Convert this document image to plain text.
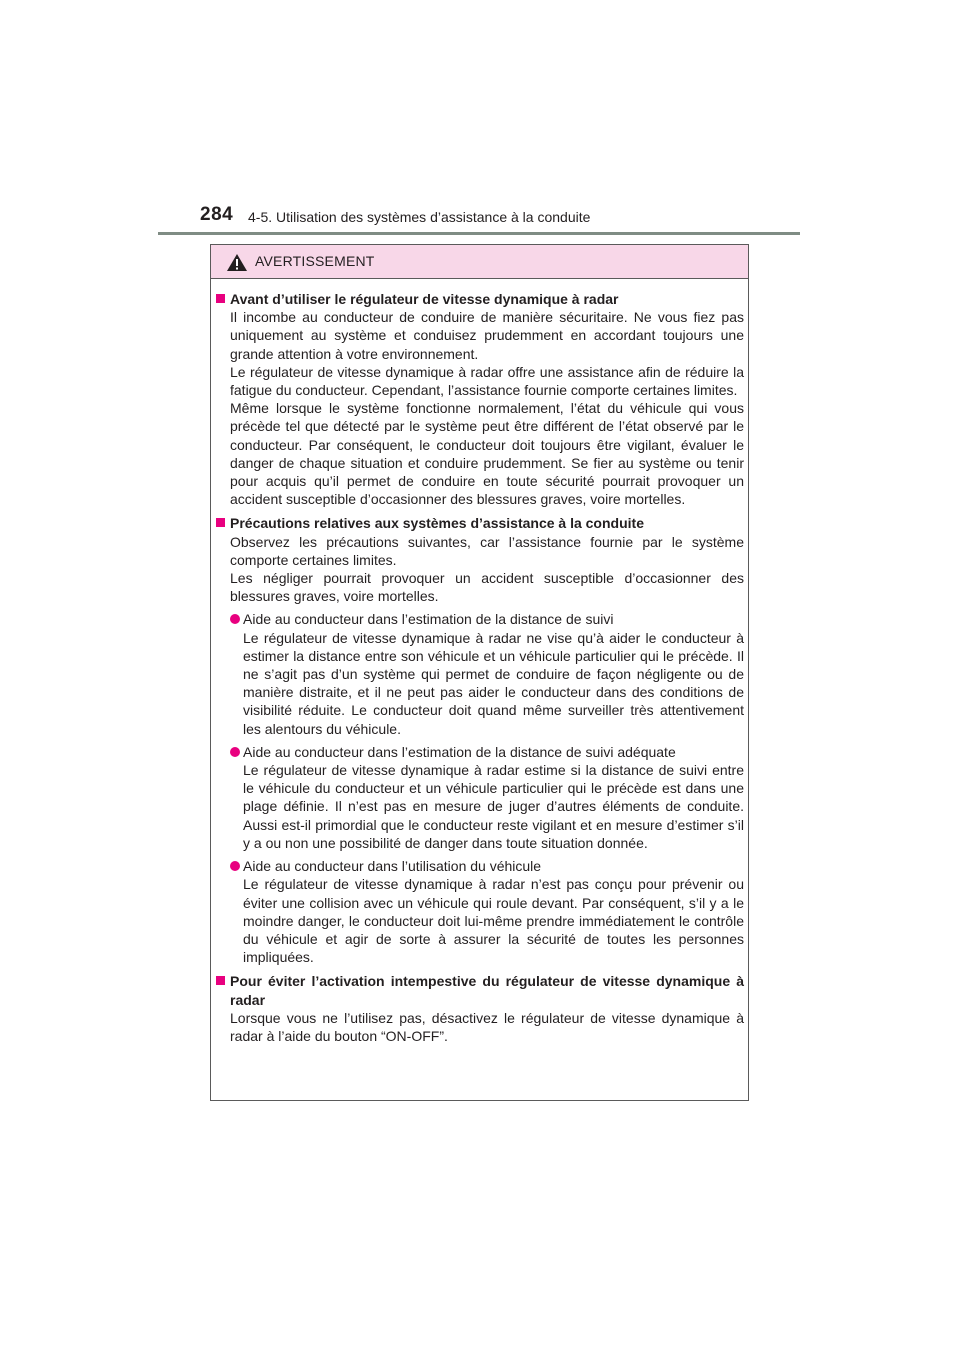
284 4-5. Utilisation des systèmes d’assistance à la conduite
AVERTISSEMENT
Avant d’utiliser le régulateur de vitesse dynamique à radar
Il incombe au conducteur de conduire de manière sécuritaire. Ne vous fiez pas uniquement au système et conduisez prudemment en accordant toujours une grande attention à votre environnement.
Le régulateur de vitesse dynamique à radar offre une assistance afin de réduire la fatigue du conducteur. Cependant, l’assistance fournie comporte certaines limites.
Même lorsque le système fonctionne normalement, l’état du véhicule qui vous précède tel que détecté par le système peut être différent de l’état observé par le conducteur. Par conséquent, le conducteur doit toujours être vigilant, évaluer le danger de chaque situation et conduire prudemment. Se fier au système ou tenir pour acquis qu’il permet de conduire en toute sécurité pourrait provoquer un accident susceptible d’occasionner des blessures graves, voire mortelles.
Précautions relatives aux systèmes d’assistance à la conduite
Observez les précautions suivantes, car l’assistance fournie par le système comporte certaines limites.
Les négliger pourrait provoquer un accident susceptible d’occasionner des blessures graves, voire mortelles.
Aide au conducteur dans l’estimation de la distance de suivi
Le régulateur de vitesse dynamique à radar ne vise qu’à aider le conducteur à estimer la distance entre son véhicule et un véhicule particulier qui le précède. Il ne s’agit pas d’un système qui permet de conduire de façon négligente ou de manière distraite, et il ne peut pas aider le conducteur dans des conditions de visibilité réduite. Le conducteur doit quand même surveiller très attentivement les alentours du véhicule.
Aide au conducteur dans l’estimation de la distance de suivi adéquate
Le régulateur de vitesse dynamique à radar estime si la distance de suivi entre le véhicule du conducteur et un véhicule particulier qui le précède est dans une plage définie. Il n’est pas en mesure de juger d’autres éléments de conduite. Aussi est-il primordial que le conducteur reste vigilant et en mesure d’estimer s’il y a ou non une possibilité de danger dans toute situation donnée.
Aide au conducteur dans l’utilisation du véhicule
Le régulateur de vitesse dynamique à radar n’est pas conçu pour prévenir ou éviter une collision avec un véhicule qui roule devant. Par conséquent, s’il y a le moindre danger, le conducteur doit lui-même prendre immédiatement le contrôle du véhicule et agir de sorte à assurer la sécurité de toutes les personnes impliquées.
Pour éviter l’activation intempestive du régulateur de vitesse dynamique à radar
Lorsque vous ne l’utilisez pas, désactivez le régulateur de vitesse dynamique à radar à l’aide du bouton “ON-OFF”.
